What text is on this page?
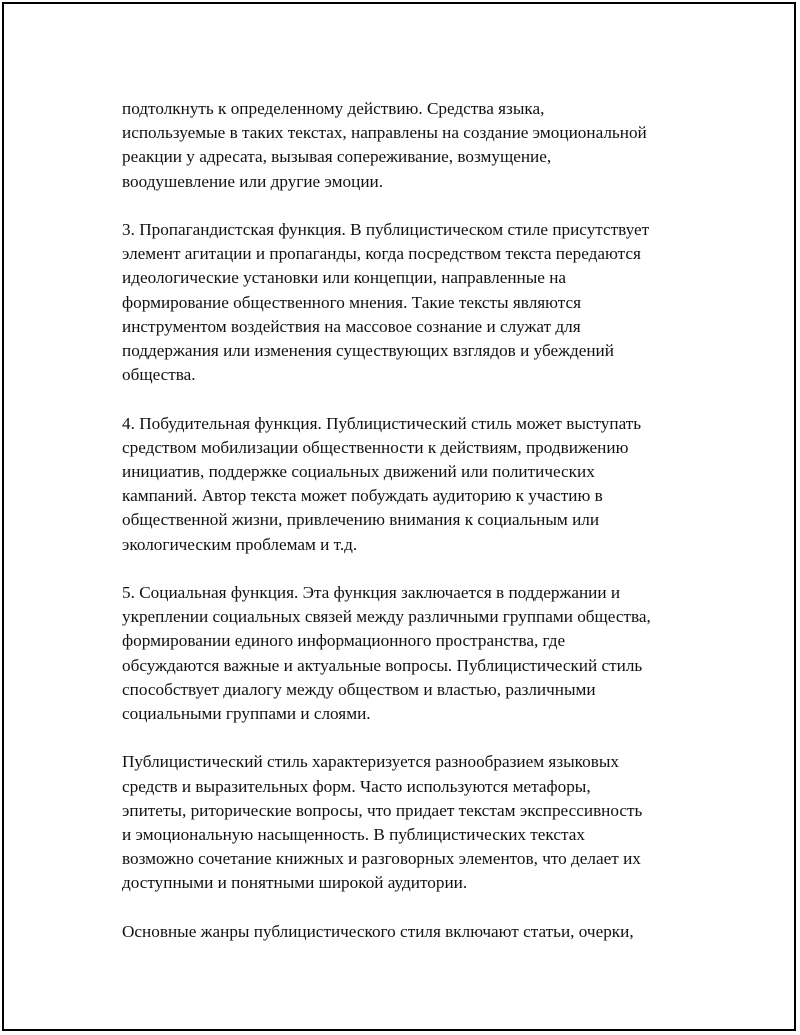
подтолкнуть к определенному действию. Средства языка,
используемые в таких текстах, направлены на создание эмоциональной
реакции у адресата, вызывая сопереживание, возмущение,
воодушевление или другие эмоции.

3. Пропагандистская функция. В публицистическом стиле присутствует
элемент агитации и пропаганды, когда посредством текста передаются
идеологические установки или концепции, направленные на
формирование общественного мнения. Такие тексты являются
инструментом воздействия на массовое сознание и служат для
поддержания или изменения существующих взглядов и убеждений
общества.

4. Побудительная функция. Публицистический стиль может выступать
средством мобилизации общественности к действиям, продвижению
инициатив, поддержке социальных движений или политических
кампаний. Автор текста может побуждать аудиторию к участию в
общественной жизни, привлечению внимания к социальным или
экологическим проблемам и т.д.

5. Социальная функция. Эта функция заключается в поддержании и
укреплении социальных связей между различными группами общества,
формировании единого информационного пространства, где
обсуждаются важные и актуальные вопросы. Публицистический стиль
способствует диалогу между обществом и властью, различными
социальными группами и слоями.

Публицистический стиль характеризуется разнообразием языковых
средств и выразительных форм. Часто используются метафоры,
эпитеты, риторические вопросы, что придает текстам экспрессивность
и эмоциональную насыщенность. В публицистических текстах
возможно сочетание книжных и разговорных элементов, что делает их
доступными и понятными широкой аудитории.

Основные жанры публицистического стиля включают статьи, очерки,
